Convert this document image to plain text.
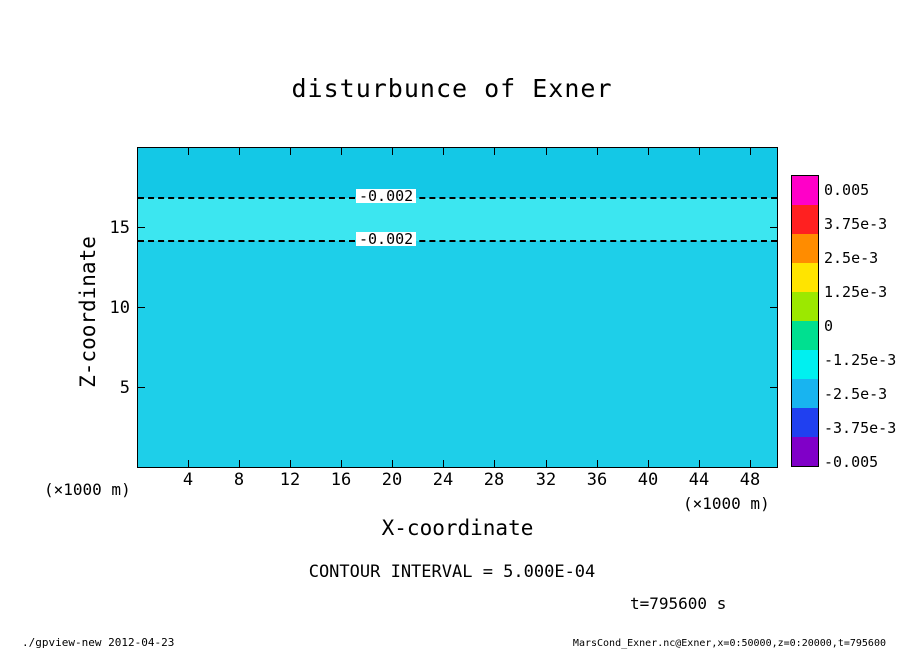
disturbunce of Exner
-0.002
-0.002
4	8	12	16	20	24	28	32	36	40	44	48
5
10
15
Z-coordinate
X-coordinate
(×1000 m)
(×1000 m)
0.005
3.75e-3
2.5e-3
1.25e-3
0
-1.25e-3
-2.5e-3
-3.75e-3
-0.005
CONTOUR INTERVAL = 5.000E-04
t=795600 s
./gpview-new 2012-04-23	MarsCond_Exner.nc@Exner,x=0:50000,z=0:20000,t=795600
